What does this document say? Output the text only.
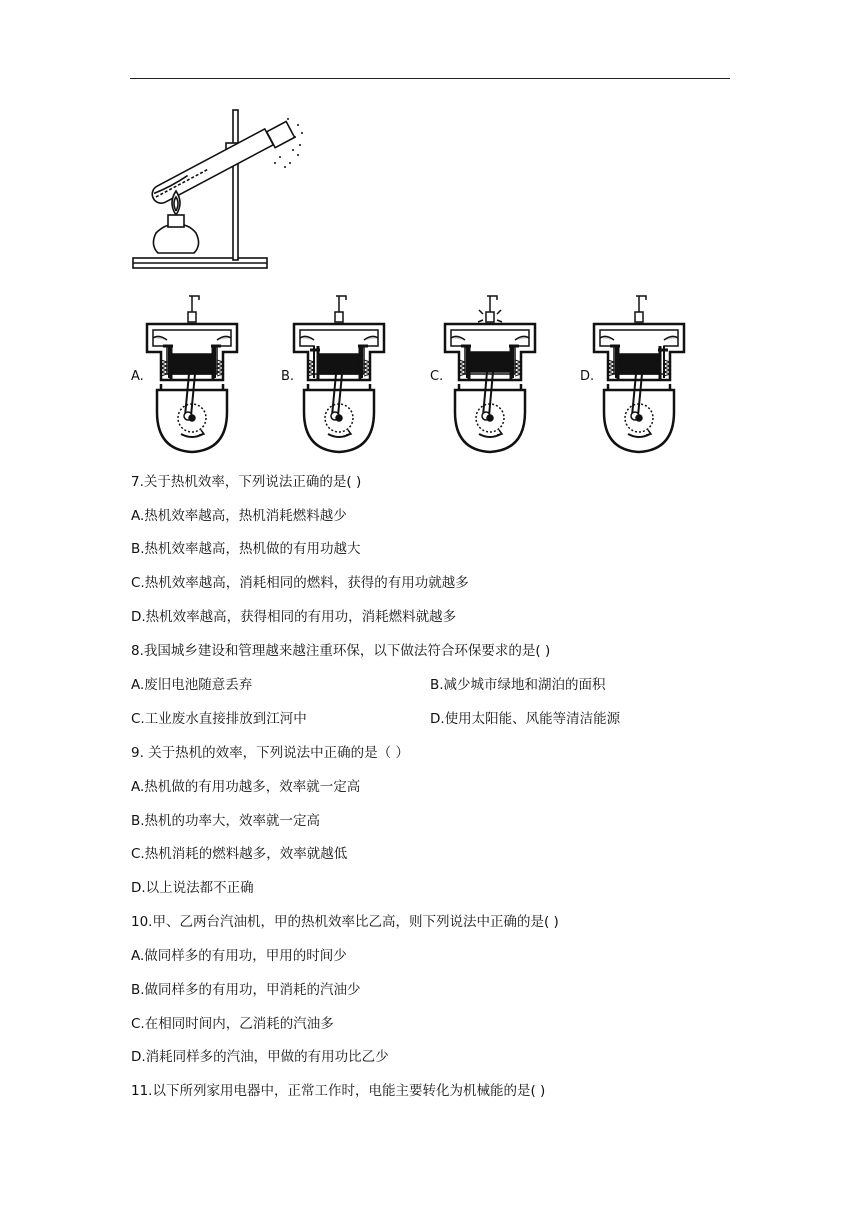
A.	B.	C.	D.
7.关于热机效率，下列说法正确的是( )
A.热机效率越高，热机消耗燃料越少
B.热机效率越高，热机做的有用功越大
C.热机效率越高，消耗相同的燃料，获得的有用功就越多
D.热机效率越高，获得相同的有用功，消耗燃料就越多
8.我国城乡建设和管理越来越注重环保，以下做法符合环保要求的是( )
A.废旧电池随意丢弃	B.减少城市绿地和湖泊的面积
C.工业废水直接排放到江河中	D.使用太阳能、风能等清洁能源
9. 关于热机的效率，下列说法中正确的是（ ）
A.热机做的有用功越多，效率就一定高
B.热机的功率大，效率就一定高
C.热机消耗的燃料越多，效率就越低
D.以上说法都不正确
10.甲、乙两台汽油机，甲的热机效率比乙高，则下列说法中正确的是( )
A.做同样多的有用功，甲用的时间少
B.做同样多的有用功，甲消耗的汽油少
C.在相同时间内，乙消耗的汽油多
D.消耗同样多的汽油，甲做的有用功比乙少
11.以下所列家用电器中，正常工作时，电能主要转化为机械能的是( )
